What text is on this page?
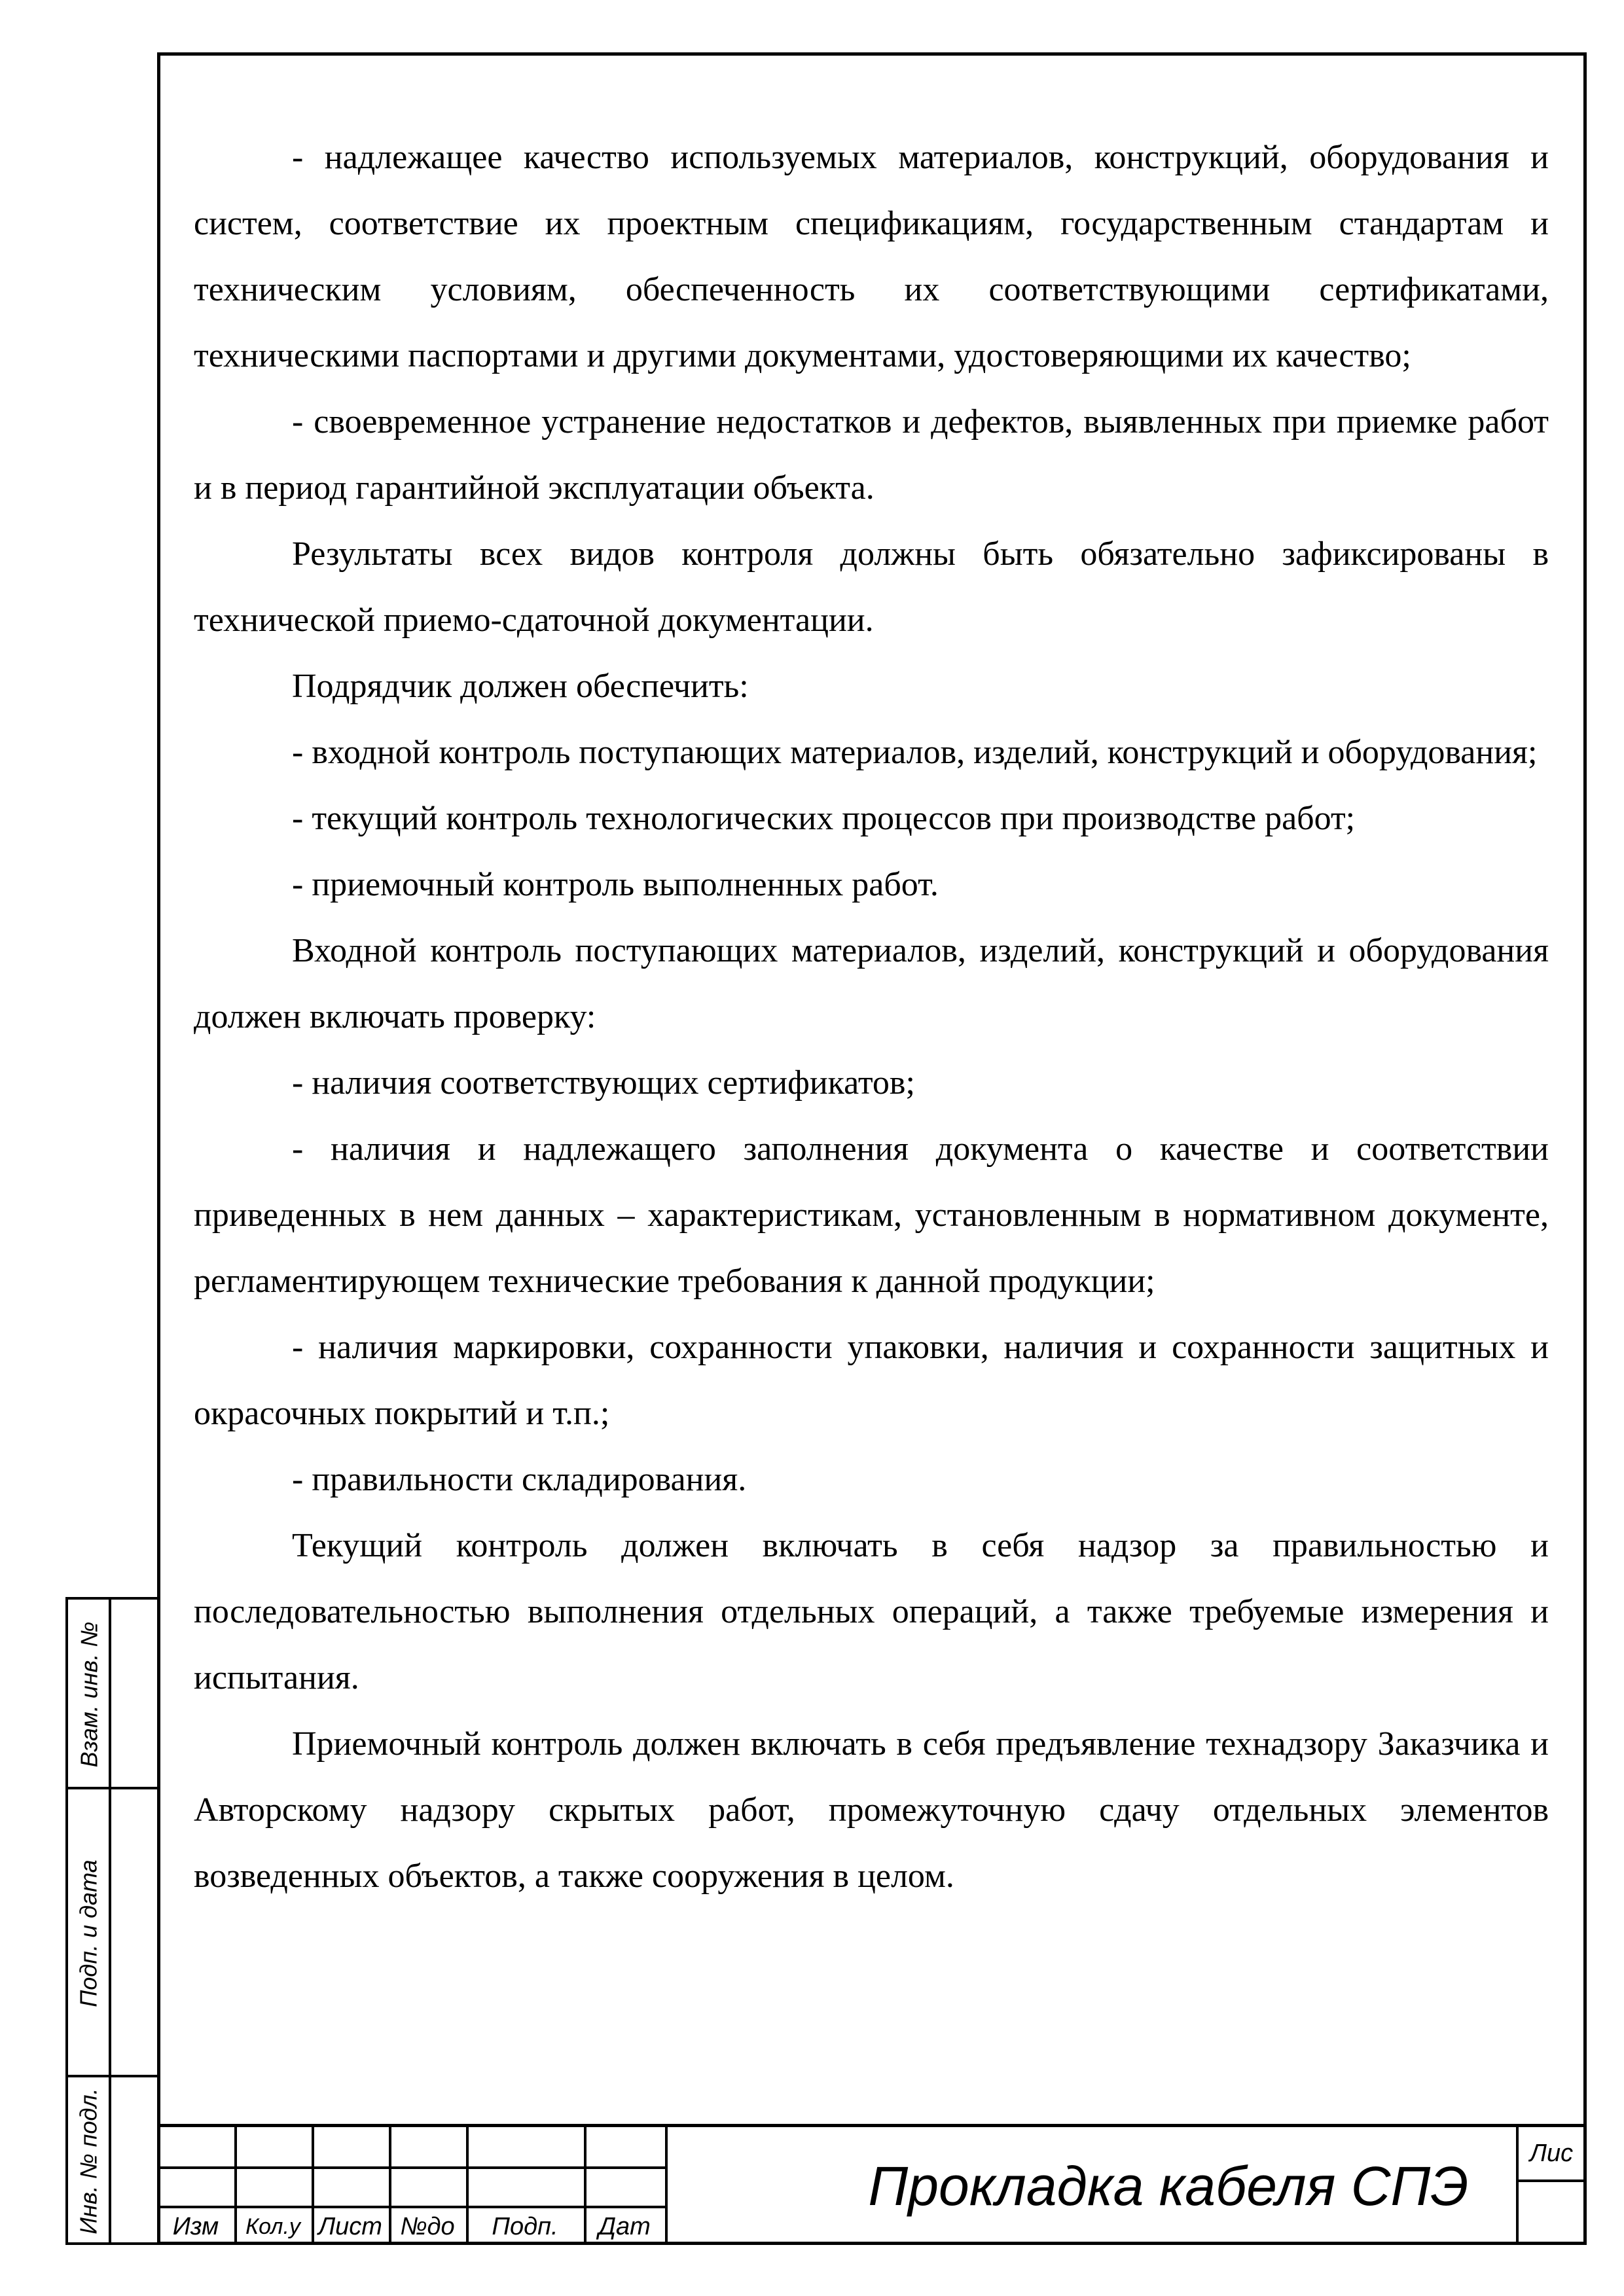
- надлежащее качество используемых материалов, конструкций, оборудования и систем, соответствие их проектным спецификациям, государственным стандартам и техническим условиям, обеспеченность их соответствующими сертификатами, техническими паспортами и другими документами, удостоверяющими их качество;

- своевременное устранение недостатков и дефектов, выявленных при приемке работ и в период гарантийной эксплуатации объекта.

Результаты всех видов контроля должны быть обязательно зафиксированы в технической приемо-сдаточной документации.

Подрядчик должен обеспечить:

- входной контроль поступающих материалов, изделий, конструкций и оборудования;

- текущий контроль технологических процессов при производстве работ;

- приемочный контроль выполненных работ.

Входной контроль поступающих материалов, изделий, конструкций и оборудования должен включать проверку:

- наличия соответствующих сертификатов;

- наличия и надлежащего заполнения документа о качестве и соответствии приведенных в нем данных – характеристикам, установленным в нормативном документе, регламентирующем технические требования к данной продукции;

- наличия маркировки, сохранности упаковки, наличия и сохранности защитных и окрасочных покрытий и т.п.;

- правильности складирования.

Текущий контроль должен включать в себя надзор за правильностью и последовательностью выполнения отдельных операций, а также требуемые измерения и испытания.

Приемочный контроль должен включать в себя предъявление технадзору Заказчика и Авторскому надзору скрытых работ, промежуточную сдачу отдельных элементов возведенных объектов, а также сооружения в целом.

Взам. инв. №
Подп. и дата
Инв. № подл.	Изм	Кол.у Лист №до	Подп.	Дат
Прокладка кабеля СПЭ
Лис
